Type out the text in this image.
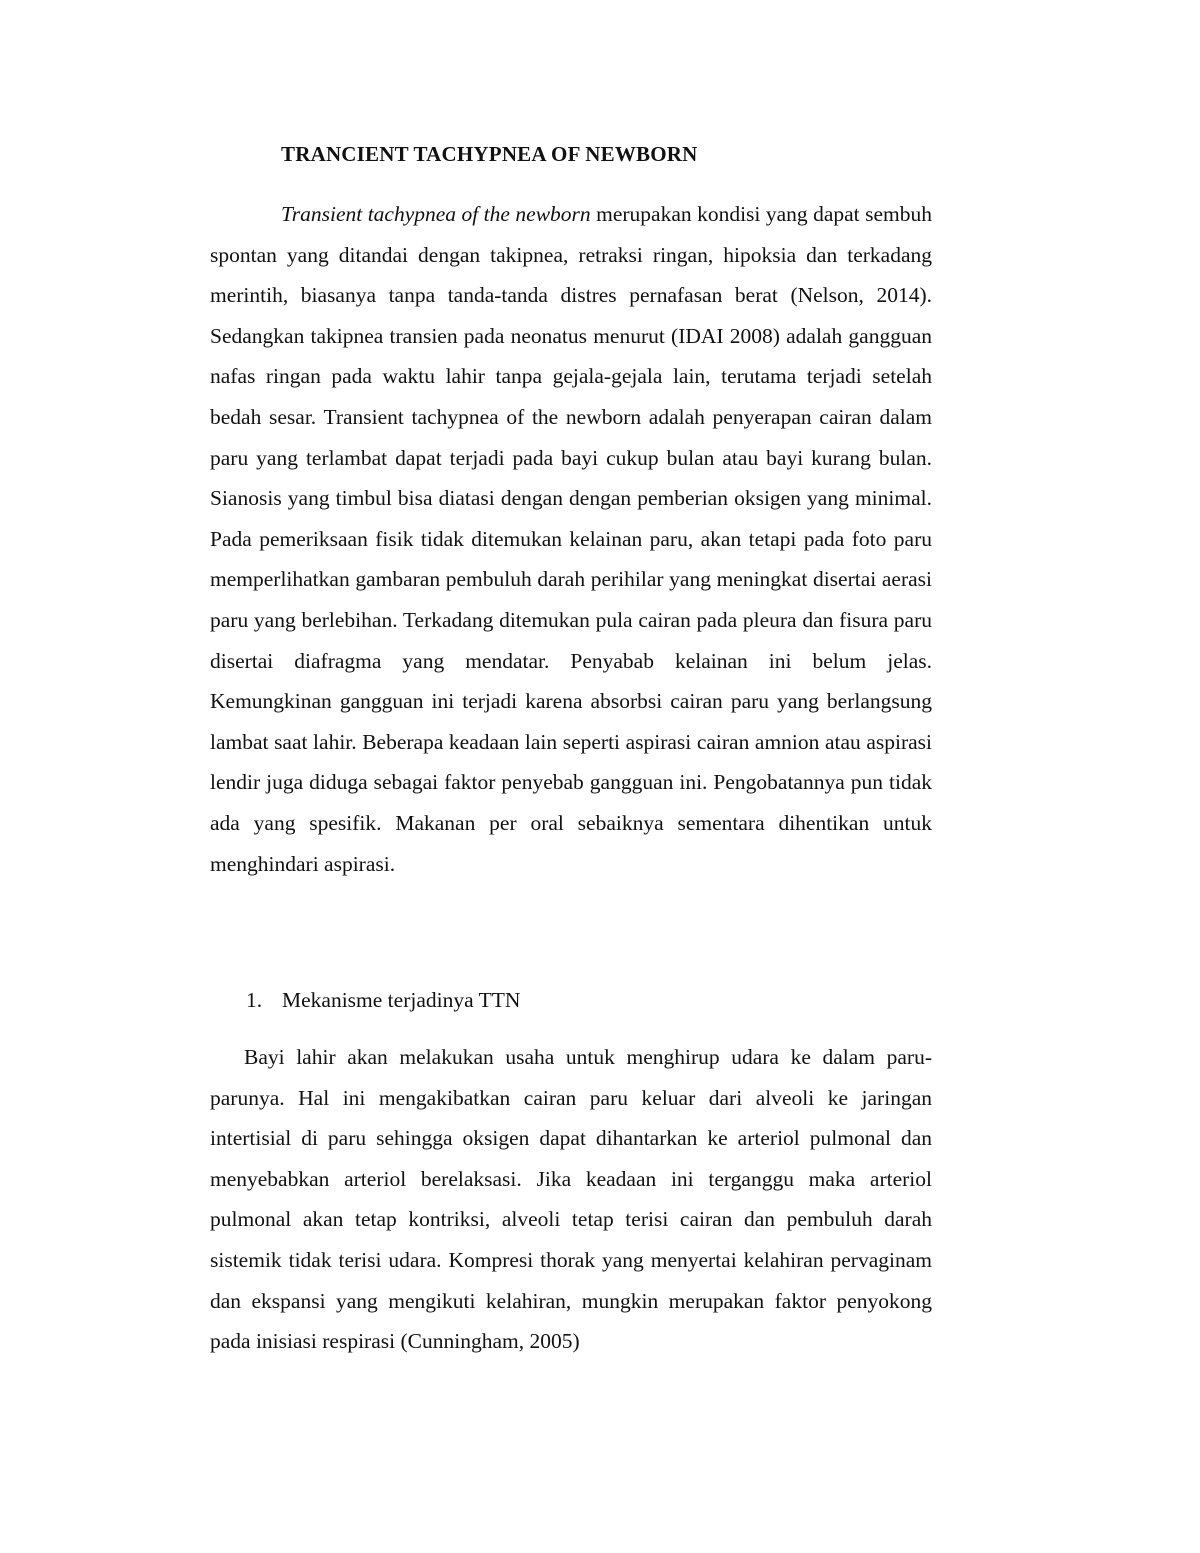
TRANCIENT TACHYPNEA OF NEWBORN

Transient tachypnea of the newborn merupakan kondisi yang dapat sembuh spontan yang ditandai dengan takipnea, retraksi ringan, hipoksia dan terkadang merintih, biasanya tanpa tanda-tanda distres pernafasan berat (Nelson, 2014). Sedangkan takipnea transien pada neonatus menurut (IDAI 2008) adalah gangguan nafas ringan pada waktu lahir tanpa gejala-gejala lain, terutama terjadi setelah bedah sesar. Transient tachypnea of the newborn adalah penyerapan cairan dalam paru yang terlambat dapat terjadi pada bayi cukup bulan atau bayi kurang bulan. Sianosis yang timbul bisa diatasi dengan dengan pemberian oksigen yang minimal. Pada pemeriksaan fisik tidak ditemukan kelainan paru, akan tetapi pada foto paru memperlihatkan gambaran pembuluh darah perihilar yang meningkat disertai aerasi paru yang berlebihan. Terkadang ditemukan pula cairan pada pleura dan fisura paru disertai diafragma yang mendatar. Penyabab kelainan ini belum jelas. Kemungkinan gangguan ini terjadi karena absorbsi cairan paru yang berlangsung lambat saat lahir. Beberapa keadaan lain seperti aspirasi cairan amnion atau aspirasi lendir juga diduga sebagai faktor penyebab gangguan ini. Pengobatannya pun tidak ada yang spesifik. Makanan per oral sebaiknya sementara dihentikan untuk menghindari aspirasi.

1. Mekanisme terjadinya TTN

Bayi lahir akan melakukan usaha untuk menghirup udara ke dalam paru-parunya. Hal ini mengakibatkan cairan paru keluar dari alveoli ke jaringan intertisial di paru sehingga oksigen dapat dihantarkan ke arteriol pulmonal dan menyebabkan arteriol berelaksasi. Jika keadaan ini terganggu maka arteriol pulmonal akan tetap kontriksi, alveoli tetap terisi cairan dan pembuluh darah sistemik tidak terisi udara. Kompresi thorak yang menyertai kelahiran pervaginam dan ekspansi yang mengikuti kelahiran, mungkin merupakan faktor penyokong pada inisiasi respirasi (Cunningham, 2005)
